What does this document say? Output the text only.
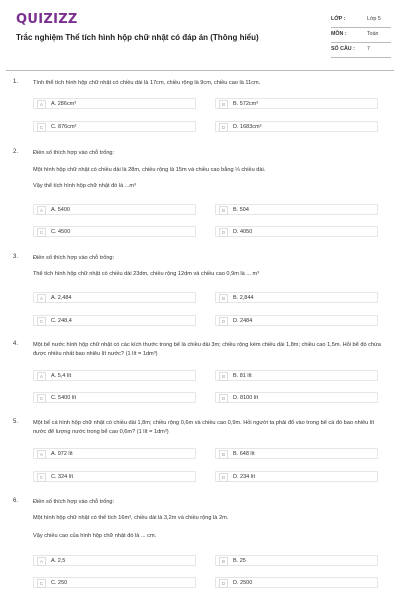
QUIZIZZ
Trắc nghiệm Thể tích hình hộp chữ nhật có đáp án (Thông hiểu)
LỚP :	Lớp 5
MÔN :	Toán
SỐ CÂU : 7
1.	Tính thể tích hình hộp chữ nhật có chiều dài là 17cm, chiều rộng là 9cm, chiều cao là 11cm.
A	A. 286cm³	B	B. 572cm³
C	C. 876cm³	D	D. 1683cm³
2.	Điền số thích hợp vào chỗ trống:
Một hình hộp chữ nhật có chiều dài là 28m, chiều rộng là 15m và chiều cao bằng ⅓ chiều dài.
Vậy thể tích hình hộp chữ nhật đó là ...m³
A	A. 5400	B	B. 504
C	C. 4500	D	D. 4050
3.	Điền số thích hợp vào chỗ trống:
Thể tích hình hộp chữ nhật có chiều dài 23dm, chiều rộng 12dm và chiều cao 0,9m là ... m³
A	A. 2,484	B	B. 2,844
C	C. 248,4	D	D. 2484
4.	Một bể nước hình hộp chữ nhật có các kích thước trong bể là chiều dài 3m; chiều rộng kém chiều dài 1,8m; chiều cao 1,5m. Hỏi bể đó chứa được nhiều nhất bao nhiêu lít nước? (1 lít = 1dm³)
A	A. 5,4 lít	B	B. 81 lít
C	C. 5400 lít	D	D. 8100 lít
5.	Một bể cá hình hộp chữ nhật có chiều dài 1,8m; chiều rộng 0,6m và chiều cao 0,9m. Hỏi người ta phải đổ vào trong bể cá đó bao nhiêu lít nước để lượng nước trong bể cao 0,6m? (1 lít = 1dm³)
A	A. 972 lít	B	B. 648 lít
C	C. 324 lít	D	D. 234 lít
6.	Điền số thích hợp vào chỗ trống:
Một hình hộp chữ nhật có thể tích 16m³, chiều dài là 3,2m và chiều rộng là 2m.
Vậy chiều cao của hình hộp chữ nhật đó là ... cm.
A	A. 2,5	B	B. 25
C	C. 250	D	D. 2500
